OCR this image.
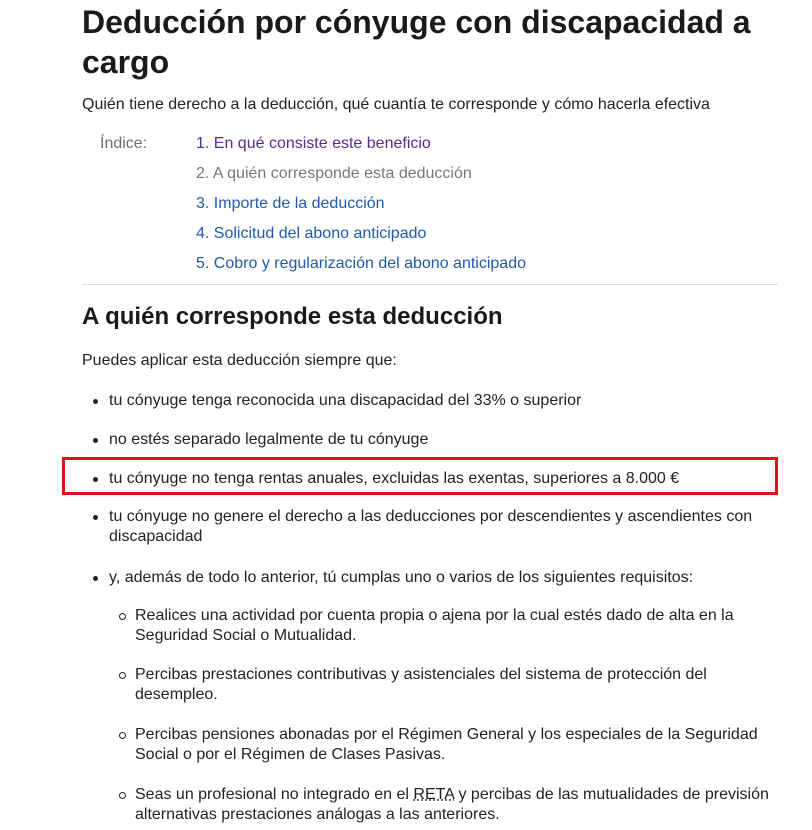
Deducción por cónyuge con discapacidad a cargo

Quién tiene derecho a la deducción, qué cuantía te corresponde y cómo hacerla efectiva

Índice:	1. En qué consiste este beneficio
2. A quién corresponde esta deducción
3. Importe de la deducción
4. Solicitud del abono anticipado
5. Cobro y regularización del abono anticipado
A quién corresponde esta deducción

Puedes aplicar esta deducción siempre que:

tu cónyuge tenga reconocida una discapacidad del 33% o superior
no estés separado legalmente de tu cónyuge
tu cónyuge no tenga rentas anuales, excluidas las exentas, superiores a 8.000 €
tu cónyuge no genere el derecho a las deducciones por descendientes y ascendientes con discapacidad
y, además de todo lo anterior, tú cumplas uno o varios de los siguientes requisitos:
Realices una actividad por cuenta propia o ajena por la cual estés dado de alta en la Seguridad Social o Mutualidad.
Percibas prestaciones contributivas y asistenciales del sistema de protección del desempleo.
Percibas pensiones abonadas por el Régimen General y los especiales de la Seguridad Social o por el Régimen de Clases Pasivas.
Seas un profesional no integrado en el RETA y percibas de las mutualidades de previsión alternativas prestaciones análogas a las anteriores.
